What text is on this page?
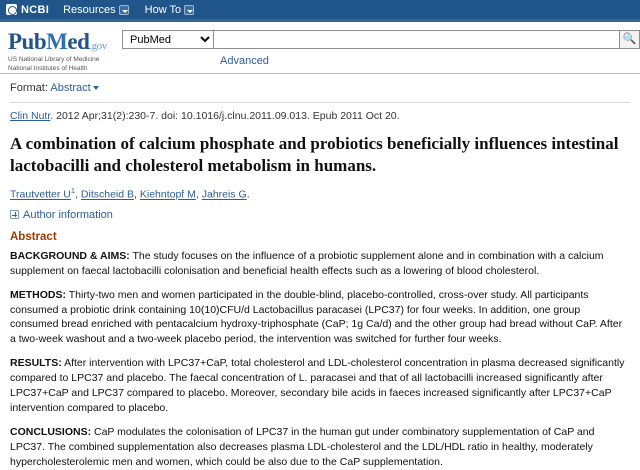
NCBI Resources	How To
PubMed.gov
US National Library of Medicine
National Institutes of Health
PubMed
🔍
Advanced
Format: Abstract
Clin Nutr. 2012 Apr;31(2):230-7. doi: 10.1016/j.clnu.2011.09.013. Epub 2011 Oct 20.
A combination of calcium phosphate and probiotics beneficially influences intestinal lactobacilli and cholesterol metabolism in humans.
Trautvetter $U^1$, Ditscheid B, Kiehntopf M, Jahreis G.
Author information
Abstract

BACKGROUND & AIMS: The study focuses on the influence of a probiotic supplement alone and in combination with a calcium supplement on faecal lactobacilli colonisation and beneficial health effects such as a lowering of blood cholesterol.

METHODS: Thirty-two men and women participated in the double-blind, placebo-controlled, cross-over study. All participants consumed a probiotic drink containing 10(10)CFU/d Lactobacillus paracasei (LPC37) for four weeks. In addition, one group consumed bread enriched with pentacalcium hydroxy-triphosphate (CaP; 1g Ca/d) and the other group had bread without CaP. After a two-week washout and a two-week placebo period, the intervention was switched for further four weeks.

RESULTS: After intervention with LPC37+CaP, total cholesterol and LDL-cholesterol concentration in plasma decreased significantly compared to LPC37 and placebo. The faecal concentration of L. paracasei and that of all lactobacilli increased significantly after LPC37+CaP and LPC37 compared to placebo. Moreover, secondary bile acids in faeces increased significantly after LPC37+CaP intervention compared to placebo.

CONCLUSIONS: CaP modulates the colonisation of LPC37 in the human gut under combinatory supplementation of CaP and LPC37. The combined supplementation also decreases plasma LDL-cholesterol and the LDL/HDL ratio in healthy, moderately hypercholesterolemic men and women, which could be also due to the CaP supplementation.
